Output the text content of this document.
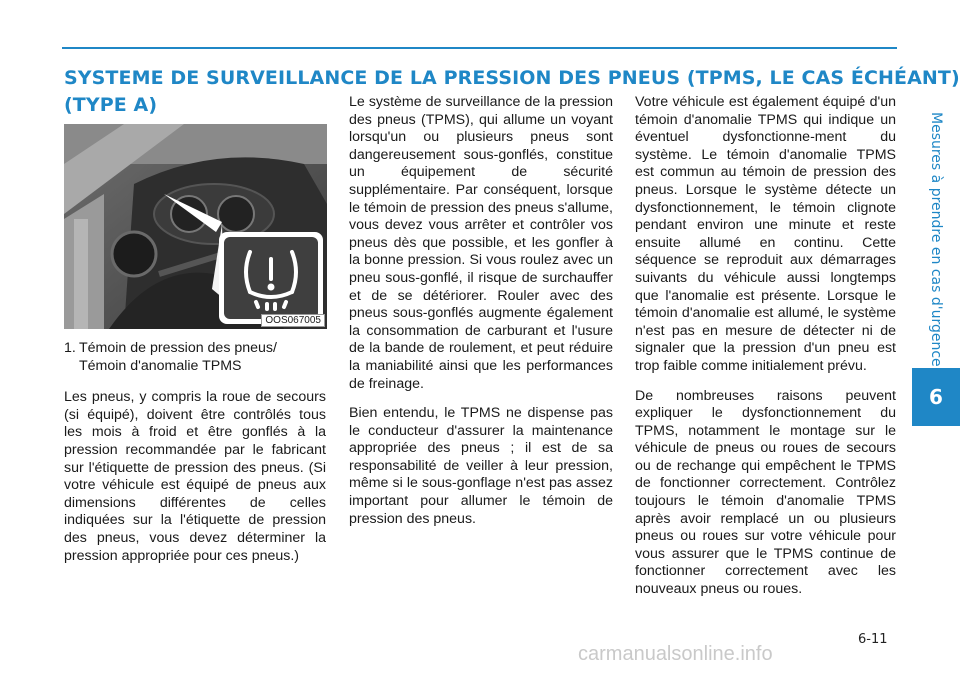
SYSTEME DE SURVEILLANCE DE LA PRESSION DES PNEUS (TPMS, LE CAS ÉCHÉANT)
(TYPE A)
Mesures à prendre en cas d'urgence
6
OOS067005
1. Témoin de pression des pneus/ Témoin d'anomalie TPMS

Les pneus, y compris la roue de secours (si équipé), doivent être contrôlés tous les mois à froid et être gonflés à la pression recommandée par le fabricant sur l'étiquette de pression des pneus. (Si votre véhicule est équipé de pneus aux dimensions différentes de celles indiquées sur la l'étiquette de pression des pneus, vous devez déterminer la pression appropriée pour ces pneus.)

Le système de surveillance de la pression des pneus (TPMS), qui allume un voyant lorsqu'un ou plusieurs pneus sont dangereusement sous-gonflés, constitue un équipement de sécurité supplémentaire. Par conséquent, lorsque le témoin de pression des pneus s'allume, vous devez vous arrêter et contrôler vos pneus dès que possible, et les gonfler à la bonne pression. Si vous roulez avec un pneu sous-gonflé, il risque de surchauffer et de se détériorer. Rouler avec des pneus sous-gonflés augmente également la consommation de carburant et l'usure de la bande de roulement, et peut réduire la maniabilité ainsi que les performances de freinage.

Bien entendu, le TPMS ne dispense pas le conducteur d'assurer la maintenance appropriée des pneus ; il est de sa responsabilité de veiller à leur pression, même si le sous-gonflage n'est pas assez important pour allumer le témoin de pression des pneus.

Votre véhicule est également équipé d'un témoin d'anomalie TPMS qui indique un éventuel dysfonctionne-ment du système. Le témoin d'anomalie TPMS est commun au témoin de pression des pneus. Lorsque le système détecte un dysfonctionnement, le témoin clignote pendant environ une minute et reste ensuite allumé en continu. Cette séquence se reproduit aux démarrages suivants du véhicule aussi longtemps que l'anomalie est présente. Lorsque le témoin d'anomalie est allumé, le système n'est pas en mesure de détecter ni de signaler que la pression d'un pneu est trop faible comme initialement prévu.

De nombreuses raisons peuvent expliquer le dysfonctionnement du TPMS, notamment le montage sur le véhicule de pneus ou roues de secours ou de rechange qui empêchent le TPMS de fonctionner correctement. Contrôlez toujours le témoin d'anomalie TPMS après avoir remplacé un ou plusieurs pneus ou roues sur votre véhicule pour vous assurer que le TPMS continue de fonctionner correctement avec les nouveaux pneus ou roues.

6-11
carmanualsonline.info
